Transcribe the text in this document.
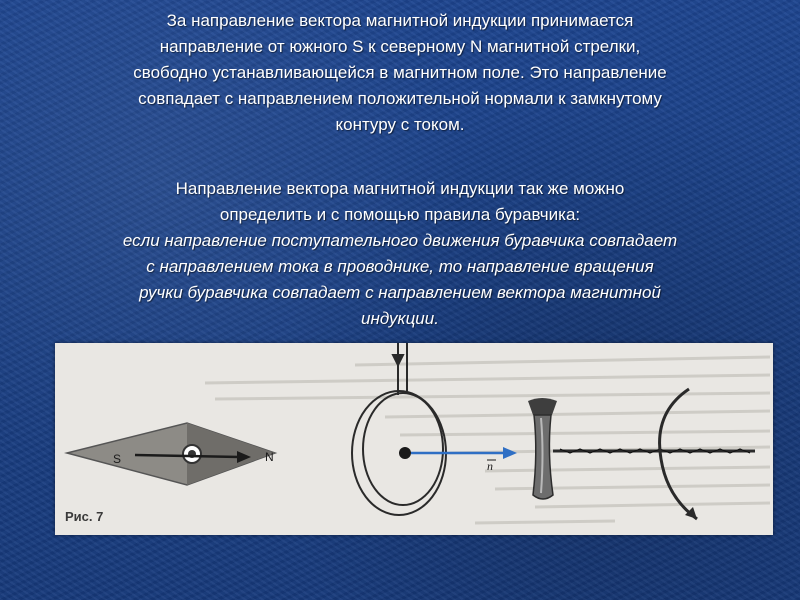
За направление вектора магнитной индукции принимается
направление от южного S к северному N магнитной стрелки,
свободно устанавливающейся в магнитном поле. Это направление
совпадает с направлением положительной нормали к замкнутому
контуру с током.
Направление вектора магнитной индукции так же можно
определить и с помощью правила буравчика:
если направление поступательного движения буравчика совпадает
с направлением тока в проводнике, то направление вращения
ручки буравчика совпадает с направлением вектора магнитной
индукции.
S	N
n
Рис. 7
